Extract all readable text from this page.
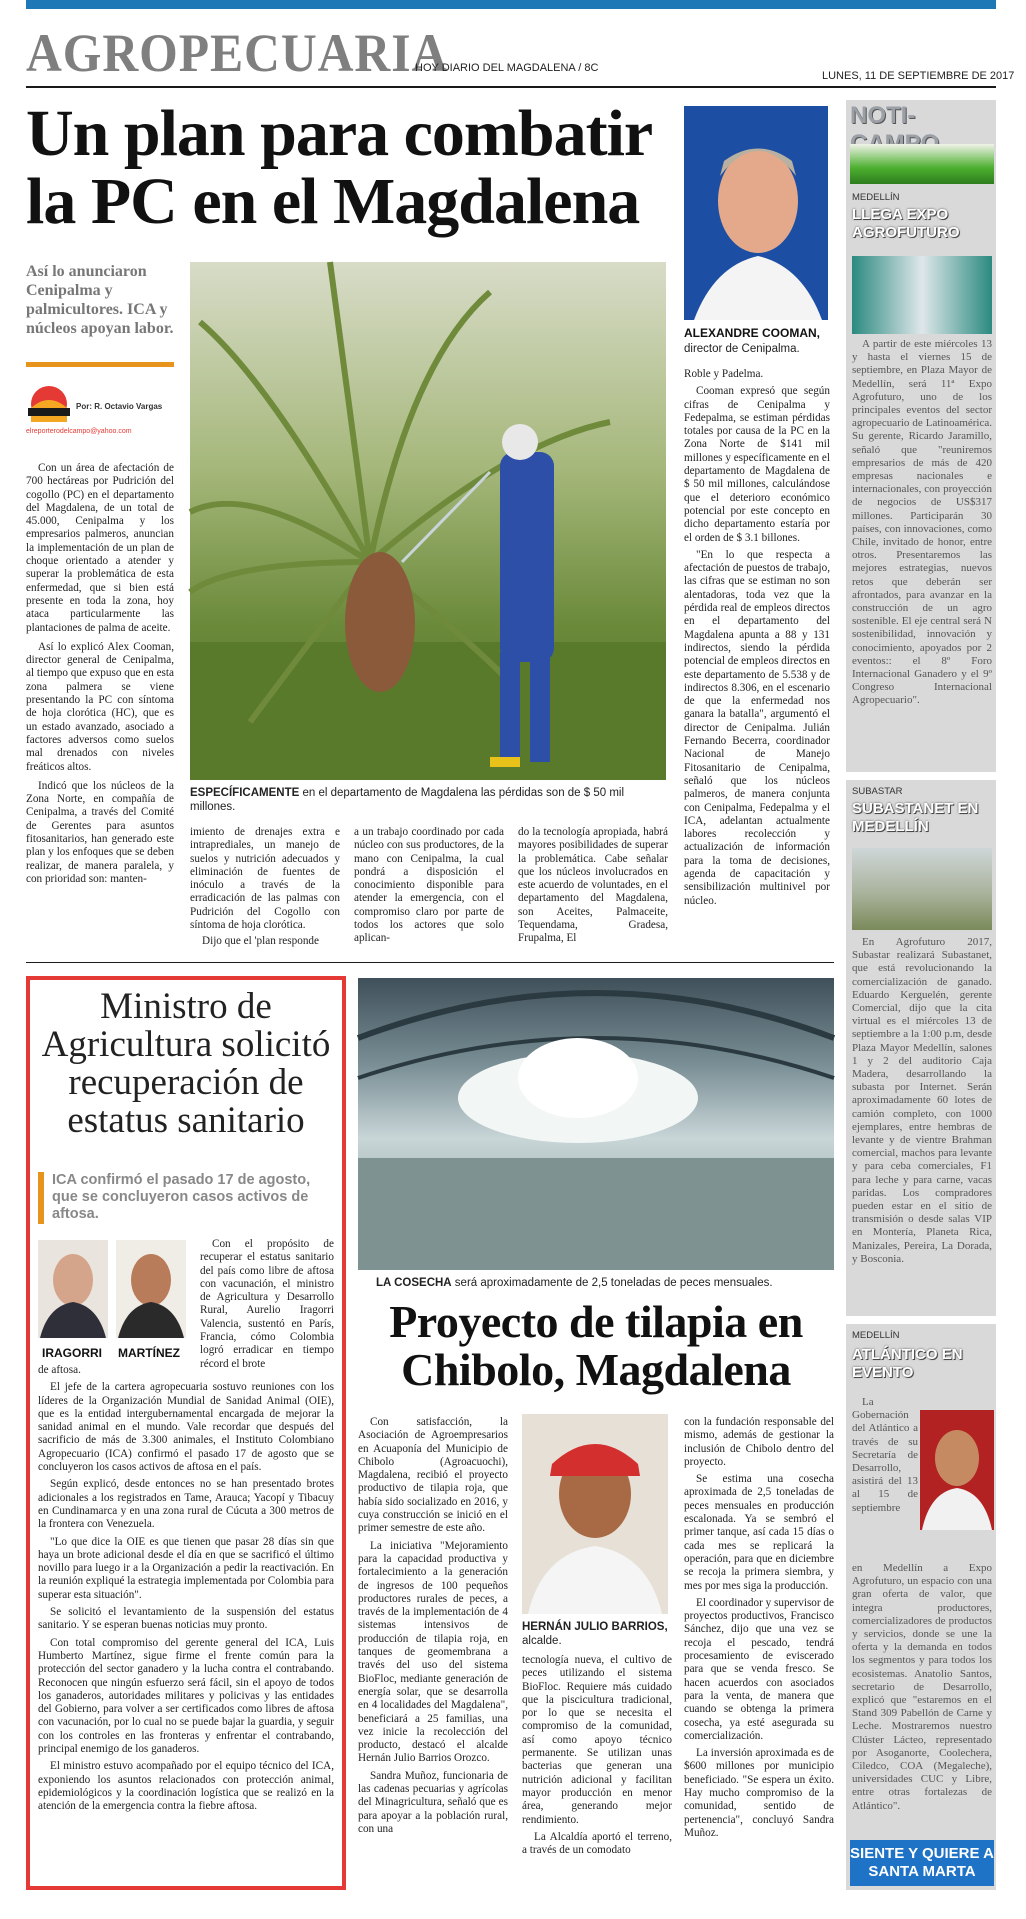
AGROPECUARIA
HOY DIARIO DEL MAGDALENA / 8C
LUNES, 11 DE SEPTIEMBRE DE 2017
Un plan para combatir la PC en el Magdalena
Así lo anunciaron Cenipalma y palmicultores. ICA y núcleos apoyan labor.
Por: R. Octavio Vargas
elreporterodelcampo@yahoo.com

Con un área de afectación de 700 hectáreas por Pudrición del cogollo (PC) en el departamento del Magdalena, de un total de 45.000, Cenipalma y los empresarios palmeros, anuncian la implementación de un plan de choque orientado a atender y superar la problemática de esta enfermedad, que si bien está presente en toda la zona, hoy ataca particularmente las plantaciones de palma de aceite.

Así lo explicó Alex Cooman, director general de Cenipalma, al tiempo que expuso que en esta zona palmera se viene presentando la PC con síntoma de hoja clorótica (HC), que es un estado avanzado, asociado a factores adversos como suelos mal drenados con niveles freáticos altos.

Indicó que los núcleos de la Zona Norte, en compañía de Cenipalma, a través del Comité de Gerentes para asuntos fitosanitarios, han generado este plan y los enfoques que se deben realizar, de manera paralela, y con prioridad son: manten-

ESPECÍFICAMENTE en el departamento de Magdalena las pérdidas son de $ 50 mil millones.

imiento de drenajes extra e intraprediales, un manejo de suelos y nutrición adecuados y eliminación de fuentes de inóculo a través de la erradicación de las palmas con Pudrición del Cogollo con síntoma de hoja clorótica.

Dijo que el 'plan responde

a un trabajo coordinado por cada núcleo con sus productores, de la mano con Cenipalma, la cual pondrá a disposición el conocimiento disponible para atender la emergencia, con el compromiso claro por parte de todos los actores que solo aplican-

do la tecnología apropiada, habrá mayores posibilidades de superar la problemática. Cabe señalar que los núcleos involucrados en este acuerdo de voluntades, en el departamento del Magdalena, son Aceites, Palmaceite, Tequendama, Gradesa, Frupalma, El

ALEXANDRE COOMAN,
director de Cenipalma.

Roble y Padelma.

Cooman expresó que según cifras de Cenipalma y Fedepalma, se estiman pérdidas totales por causa de la PC en la Zona Norte de $141 mil millones y específicamente en el departamento de Magdalena de $ 50 mil millones, calculándose que el deterioro económico potencial por este concepto en dicho departamento estaría por el orden de $ 3.1 billones.

"En lo que respecta a afectación de puestos de trabajo, las cifras que se estiman no son alentadoras, toda vez que la pérdida real de empleos directos en el departamento del Magdalena apunta a 88 y 131 indirectos, siendo la pérdida potencial de empleos directos en este departamento de 5.538 y de indirectos 8.306, en el escenario de que la enfermedad nos ganara la batalla", argumentó el director de Cenipalma. Julián Fernando Becerra, coordinador Nacional de Manejo Fitosanitario de Cenipalma, señaló que los núcleos palmeros, de manera conjunta con Cenipalma, Fedepalma y el ICA, adelantan actualmente labores recolección y actualización de información para la toma de decisiones, agenda de capacitación y sensibilización multinivel por núcleo.

NOTI-
MEDELLÍN
LLEGA EXPO AGROFUTURO

A partir de este miércoles 13 y hasta el viernes 15 de septiembre, en Plaza Mayor de Medellín, será 11ª Expo Agrofuturo, uno de los principales eventos del sector agropecuario de Latinoamérica. Su gerente, Ricardo Jaramillo, señaló que "reuniremos empresarios de más de 420 empresas nacionales e internacionales, con proyección de negocios de US$317 millones. Participarán 30 países, con innovaciones, como Chile, invitado de honor, entre otros. Presentaremos las mejores estrategias, nuevos retos que deberán ser afrontados, para avanzar en la construcción de un agro sostenible. El eje central será N sostenibilidad, innovación y conocimiento, apoyados por 2 eventos:: el 8º Foro Internacional Ganadero y el 9º Congreso Internacional Agropecuario".

SUBASTAR
SUBASTANET EN MEDELLÍN

En Agrofuturo 2017, Subastar realizará Subastanet, que está revolucionando la comercialización de ganado. Eduardo Kerguelén, gerente Comercial, dijo que la cita virtual es el miércoles 13 de septiembre a la 1:00 p.m, desde Plaza Mayor Medellín, salones 1 y 2 del auditorio Caja Madera, desarrollando la subasta por Internet. Serán aproximadamente 60 lotes de camión completo, con 1000 ejemplares, entre hembras de levante y de vientre Brahman comercial, machos para levante y para ceba comerciales, F1 para leche y para carne, vacas paridas. Los compradores pueden estar en el sitio de transmisión o desde salas VIP en Montería, Planeta Rica, Manizales, Pereira, La Dorada, y Bosconia.

MEDELLÍN
ATLÁNTICO EN EVENTO

La Gobernación del Atlántico a través de su Secretaría de Desarrollo, asistirá del 13 al 15 de septiembre

en Medellín a Expo Agrofuturo, un espacio con una gran oferta de valor, que integra productores, comercializadores de productos y servicios, donde se une la oferta y la demanda en todos los segmentos y para todos los ecosistemas. Anatolio Santos, secretario de Desarrollo, explicó que "estaremos en el Stand 309 Pabellón de Carne y Leche. Mostraremos nuestro Clúster Lácteo, representado por Asoganorte, Coolechera, Ciledco, COA (Megaleche), universidades CUC y Libre, entre otras fortalezas de Atlántico".

SIENTE Y QUIERE A SANTA MARTA
Ministro de Agricultura solicitó recuperación de estatus sanitario
ICA confirmó el pasado 17 de agosto, que se concluyeron casos activos de aftosa.
IRAGORRI MARTÍNEZ

Con el propósito de recuperar el estatus sanitario del país como libre de aftosa con vacunación, el ministro de Agricultura y Desarrollo Rural, Aurelio Iragorri Valencia, sustentó en París, Francia, cómo Colombia logró erradicar en tiempo récord el brote

de aftosa.

El jefe de la cartera agropecuaria sostuvo reuniones con los líderes de la Organización Mundial de Sanidad Animal (OIE), que es la entidad intergubernamental encargada de mejorar la sanidad animal en el mundo. Vale recordar que después del sacrificio de más de 3.300 animales, el Instituto Colombiano Agropecuario (ICA) confirmó el pasado 17 de agosto que se concluyeron los casos activos de aftosa en el país.

Según explicó, desde entonces no se han presentado brotes adicionales a los registrados en Tame, Arauca; Yacopí y Tibacuy en Cundinamarca y en una zona rural de Cúcuta a 300 metros de la frontera con Venezuela.

"Lo que dice la OIE es que tienen que pasar 28 días sin que haya un brote adicional desde el día en que se sacrificó el último novillo para luego ir a la Organización a pedir la reactivación. En la reunión expliqué la estrategia implementada por Colombia para superar esta situación".

Se solicitó el levantamiento de la suspensión del estatus sanitario. Y se esperan buenas noticias muy pronto.

Con total compromiso del gerente general del ICA, Luis Humberto Martínez, sigue firme el frente común para la protección del sector ganadero y la lucha contra el contrabando. Reconocen que ningún esfuerzo será fácil, sin el apoyo de todos los ganaderos, autoridades militares y policivas y las entidades del Gobierno, para volver a ser certificados como libres de aftosa con vacunación, por lo cual no se puede bajar la guardia, y seguir con los controles en las fronteras y enfrentar el contrabando, principal enemigo de los ganaderos.

El ministro estuvo acompañado por el equipo técnico del ICA, exponiendo los asuntos relacionados con protección animal, epidemiológicos y la coordinación logística que se realizó en la atención de la emergencia contra la fiebre aftosa.

LA COSECHA será aproximadamente de 2,5 toneladas de peces mensuales.
Proyecto de tilapia en Chibolo, Magdalena

Con satisfacción, la Asociación de Agroempresarios en Acuaponía del Municipio de Chibolo (Agroacuochi), Magdalena, recibió el proyecto productivo de tilapia roja, que había sido socializado en 2016, y cuya construcción se inició en el primer semestre de este año.

La iniciativa "Mejoramiento para la capacidad productiva y fortalecimiento a la generación de ingresos de 100 pequeños productores rurales de peces, a través de la implementación de 4 sistemas intensivos de producción de tilapia roja, en tanques de geomembrana a través del uso del sistema BioFloc, mediante generación de energía solar, que se desarrolla en 4 localidades del Magdalena", beneficiará a 25 familias, una vez inicie la recolección del producto, destacó el alcalde Hernán Julio Barrios Orozco.

Sandra Muñoz, funcionaria de las cadenas pecuarias y agrícolas del Minagricultura, señaló que es para apoyar a la población rural, con una

HERNÁN JULIO BARRIOS, alcalde.

tecnología nueva, el cultivo de peces utilizando el sistema BioFloc. Requiere más cuidado que la piscicultura tradicional, por lo que se necesita el compromiso de la comunidad, así como apoyo técnico permanente. Se utilizan unas bacterias que generan una nutrición adicional y facilitan mayor producción en menor área, generando mejor rendimiento.

La Alcaldía aportó el terreno, a través de un comodato

con la fundación responsable del mismo, además de gestionar la inclusión de Chibolo dentro del proyecto.

Se estima una cosecha aproximada de 2,5 toneladas de peces mensuales en producción escalonada. Ya se sembró el primer tanque, así cada 15 días o cada mes se replicará la operación, para que en diciembre se recoja la primera siembra, y mes por mes siga la producción.

El coordinador y supervisor de proyectos productivos, Francisco Sánchez, dijo que una vez se recoja el pescado, tendrá procesamiento de eviscerado para que se venda fresco. Se hacen acuerdos con asociados para la venta, de manera que cuando se obtenga la primera cosecha, ya esté asegurada su comercialización.

La inversión aproximada es de $600 millones por municipio beneficiado. "Se espera un éxito. Hay mucho compromiso de la comunidad, sentido de pertenencia", concluyó Sandra Muñoz.
